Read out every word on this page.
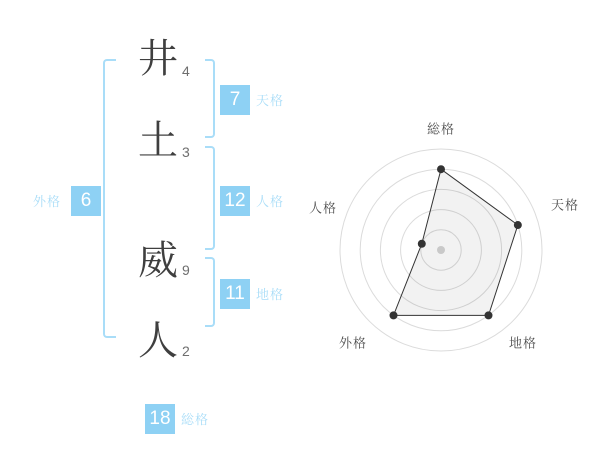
井
土
威
人
4
3
9
2
7	天格
12 人格
11 地格
6
外格
18 総格
総格
天格
地格
外格
人格
